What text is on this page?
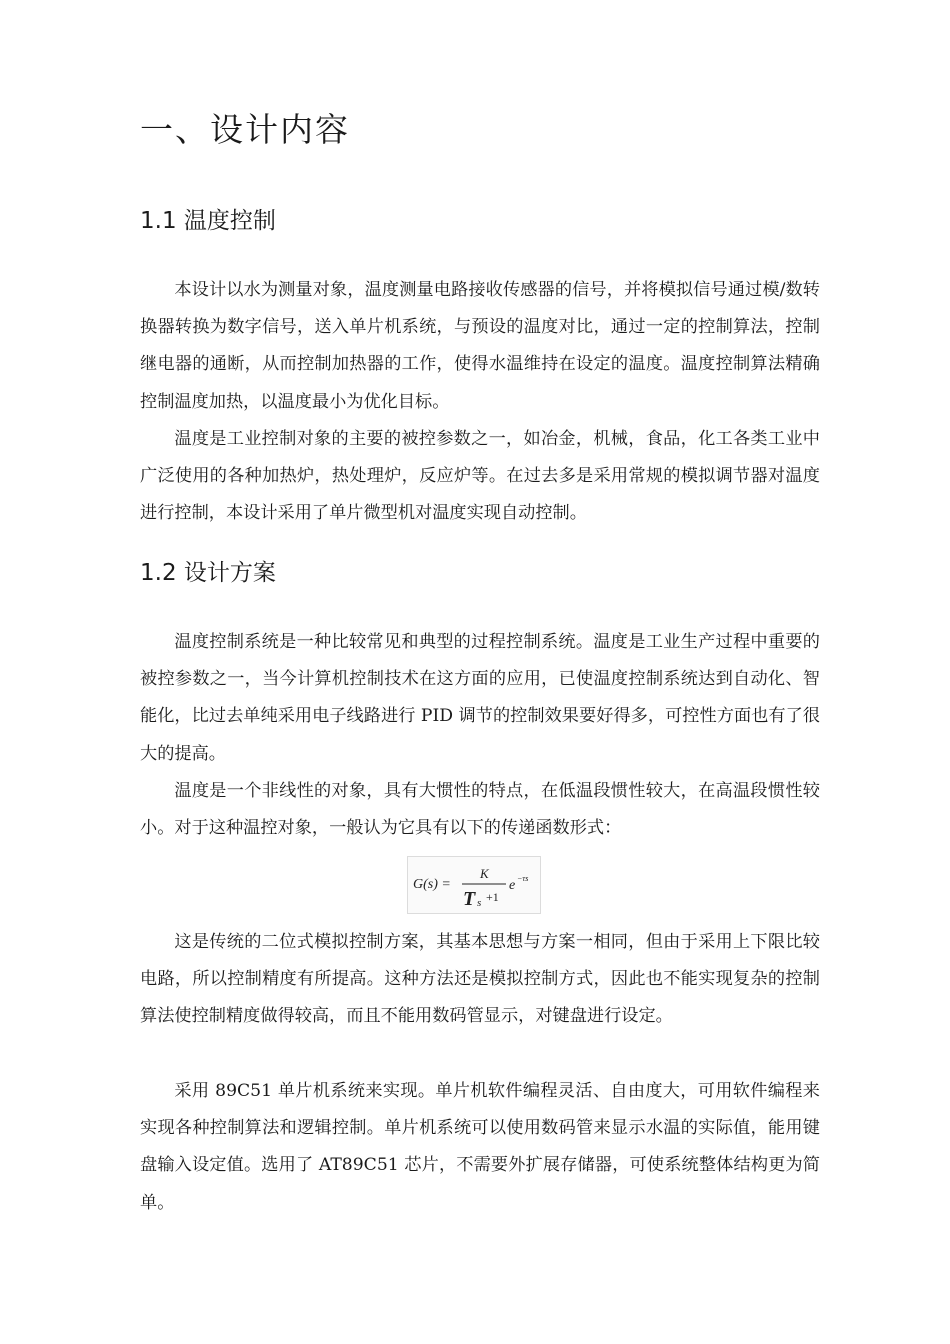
一、设计内容
1.1 温度控制

本设计以水为测量对象，温度测量电路接收传感器的信号，并将模拟信号通过模/数转换器转换为数字信号，送入单片机系统，与预设的温度对比，通过一定的控制算法，控制继电器的通断，从而控制加热器的工作，使得水温维持在设定的温度。温度控制算法精确控制温度加热，以温度最小为优化目标。

温度是工业控制对象的主要的被控参数之一，如冶金，机械，食品，化工各类工业中广泛使用的各种加热炉，热处理炉，反应炉等。在过去多是采用常规的模拟调节器对温度进行控制，本设计采用了单片微型机对温度实现自动控制。

1.2 设计方案

温度控制系统是一种比较常见和典型的过程控制系统。温度是工业生产过程中重要的被控参数之一，当今计算机控制技术在这方面的应用，已使温度控制系统达到自动化、智能化，比过去单纯采用电子线路进行 PID 调节的控制效果要好得多，可控性方面也有了很大的提高。

温度是一个非线性的对象，具有大惯性的特点，在低温段惯性较大，在高温段惯性较小。对于这种温控对象，一般认为它具有以下的传递函数形式：

G(s) =
K
T s +1
e −τs

这是传统的二位式模拟控制方案，其基本思想与方案一相同，但由于采用上下限比较电路，所以控制精度有所提高。这种方法还是模拟控制方式，因此也不能实现复杂的控制算法使控制精度做得较高，而且不能用数码管显示，对键盘进行设定。

采用 89C51 单片机系统来实现。单片机软件编程灵活、自由度大，可用软件编程来实现各种控制算法和逻辑控制。单片机系统可以使用数码管来显示水温的实际值，能用键盘输入设定值。选用了 AT89C51 芯片，不需要外扩展存储器，可使系统整体结构更为简单。
